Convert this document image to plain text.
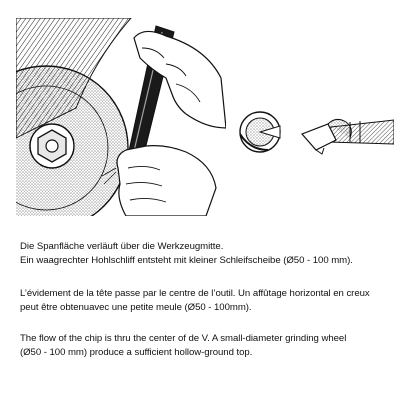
Die Spanfläche verläuft über die Werkzeugmitte.

Ein waagrechter Hohlschliff entsteht mit kleiner Schleifscheibe (Ø50 - 100 mm).

L’évidement de la tête passe par le centre de l’outil. Un affûtage horizontal en creux

peut être obtenuavec une petite meule (Ø50 - 100mm).

The flow of the chip is thru the center of de V. A small-diameter grinding wheel

(Ø50 - 100 mm) produce a sufficient hollow-ground top.
